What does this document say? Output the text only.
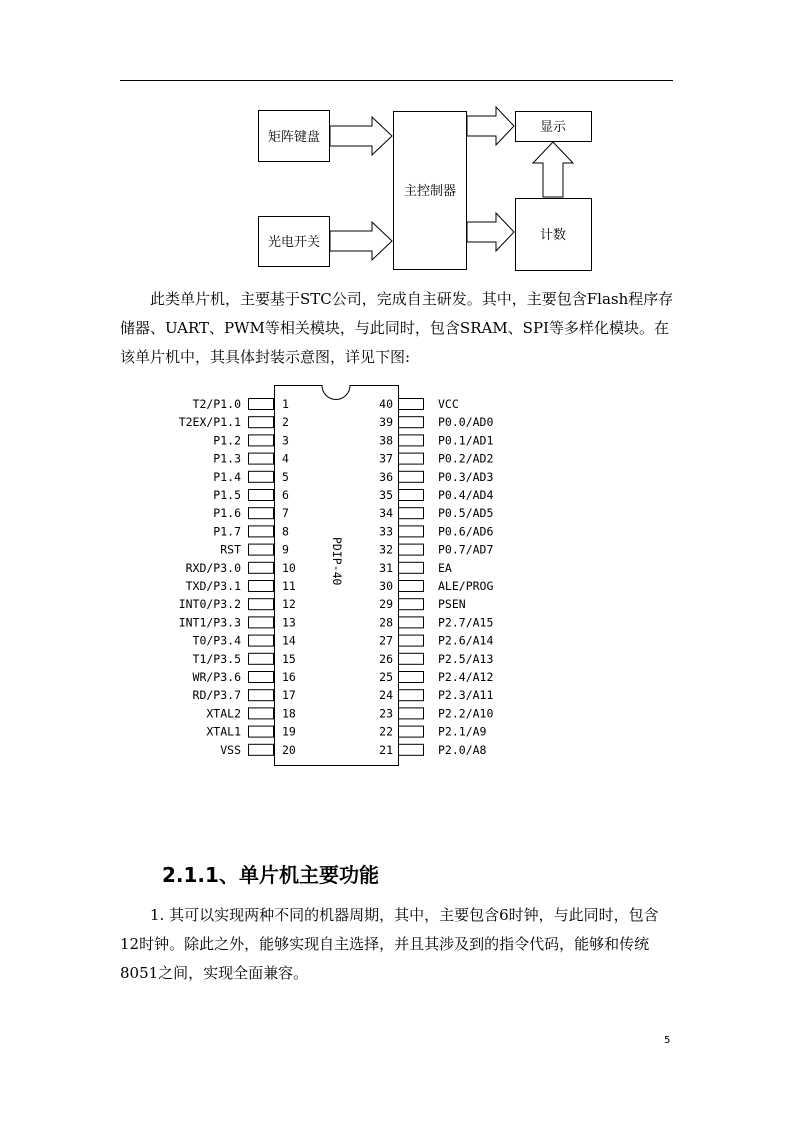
矩阵键盘
光电开关
主控制器
显示
计数

此类单片机，主要基于STC公司，完成自主研发。其中，主要包含Flash程序存储器、UART、PWM等相关模块，与此同时，包含SRAM、SPI等多样化模块。在该单片机中，其具体封装示意图，详见下图:

PDIP-40
T2/P1.0	1
T2EX/P1.1	2
P1.2	3
P1.3	4
P1.4	5
P1.5	6
P1.6	7
P1.7	8
RST	9
RXD/P3.0	10
TXD/P3.1	11
INT0/P3.2	12
INT1/P3.3	13
T0/P3.4	14
T1/P3.5	15
WR/P3.6	16
RD/P3.7	17
XTAL2	18
XTAL1	19
VSS	20
40	VCC
39	P0.0/AD0
38	P0.1/AD1
37	P0.2/AD2
36	P0.3/AD3
35	P0.4/AD4
34	P0.5/AD5
33	P0.6/AD6
32	P0.7/AD7
31	EA
30	ALE/PROG
29	PSEN
28	P2.7/A15
27	P2.6/A14
26	P2.5/A13
25	P2.4/A12
24	P2.3/A11
23	P2.2/A10
22	P2.1/A9
21	P2.0/A8
2.1.1、单片机主要功能

1. 其可以实现两种不同的机器周期，其中，主要包含6时钟，与此同时，包含12时钟。除此之外，能够实现自主选择，并且其涉及到的指令代码，能够和传统8051之间，实现全面兼容。

5
